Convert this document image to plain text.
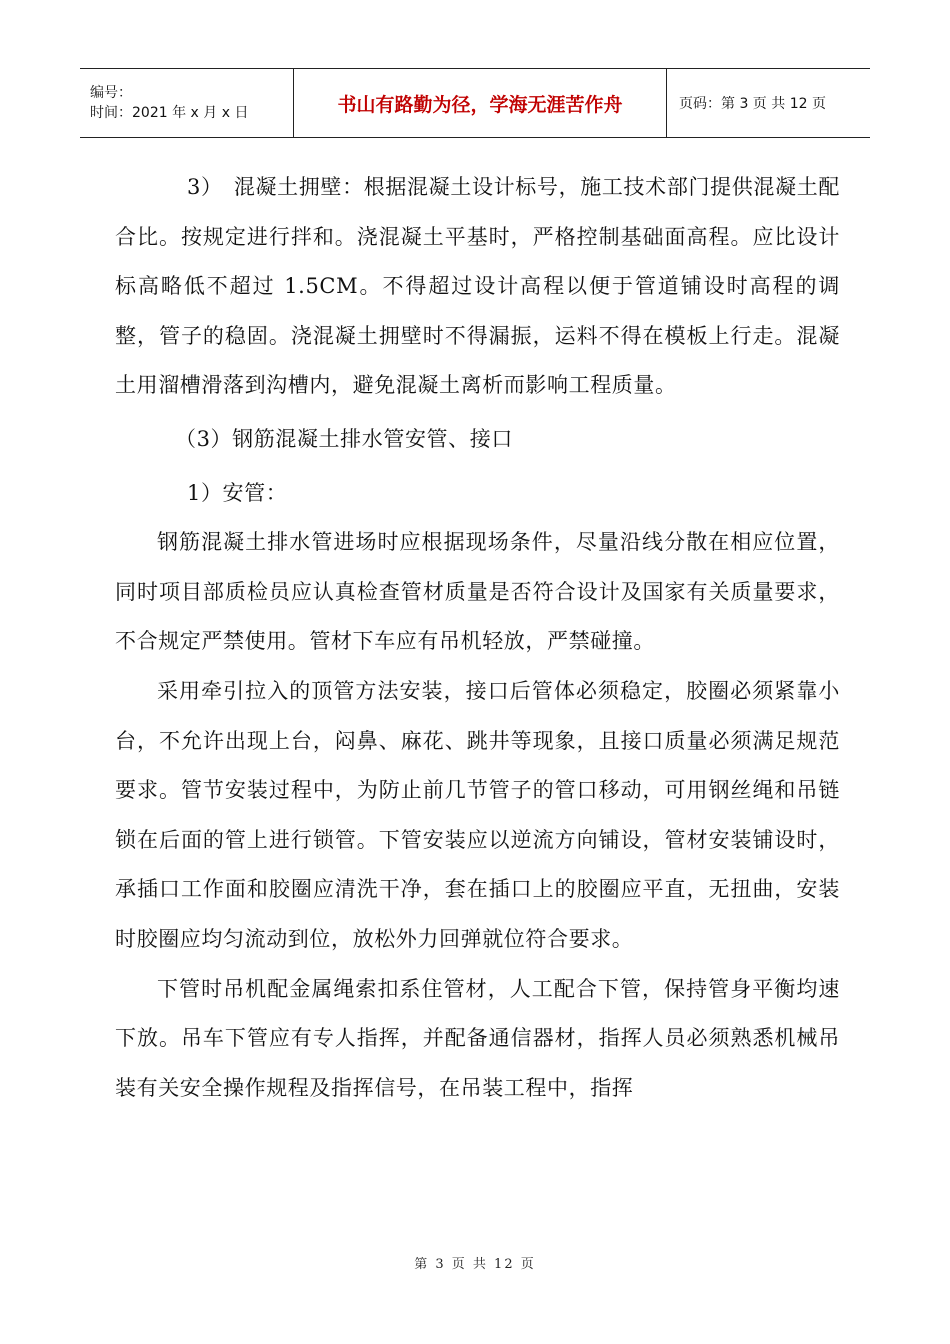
编号：
时间：2021 年 x 月 x 日	书山有路勤为径，学海无涯苦作舟	页码：第 3 页 共 12 页

3）　混凝土拥壁：根据混凝土设计标号，施工技术部门提供混凝土配合比。按规定进行拌和。浇混凝土平基时，严格控制基础面高程。应比设计标高略低不超过 1.5CM。不得超过设计高程以便于管道铺设时高程的调整，管子的稳固。浇混凝土拥壁时不得漏振，运料不得在模板上行走。混凝土用溜槽滑落到沟槽内，避免混凝土离析而影响工程质量。

（3）钢筋混凝土排水管安管、接口

1）安管：

钢筋混凝土排水管进场时应根据现场条件，尽量沿线分散在相应位置，同时项目部质检员应认真检查管材质量是否符合设计及国家有关质量要求，不合规定严禁使用。管材下车应有吊机轻放，严禁碰撞。

采用牵引拉入的顶管方法安装，接口后管体必须稳定，胶圈必须紧靠小台，不允许出现上台，闷鼻、麻花、跳井等现象，且接口质量必须满足规范要求。管节安装过程中，为防止前几节管子的管口移动，可用钢丝绳和吊链锁在后面的管上进行锁管。下管安装应以逆流方向铺设，管材安装铺设时，承插口工作面和胶圈应清洗干净，套在插口上的胶圈应平直，无扭曲，安装时胶圈应均匀流动到位，放松外力回弹就位符合要求。

下管时吊机配金属绳索扣系住管材，人工配合下管，保持管身平衡均速下放。吊车下管应有专人指挥，并配备通信器材，指挥人员必须熟悉机械吊装有关安全操作规程及指挥信号，在吊装工程中，指挥

第 3 页 共 12 页
